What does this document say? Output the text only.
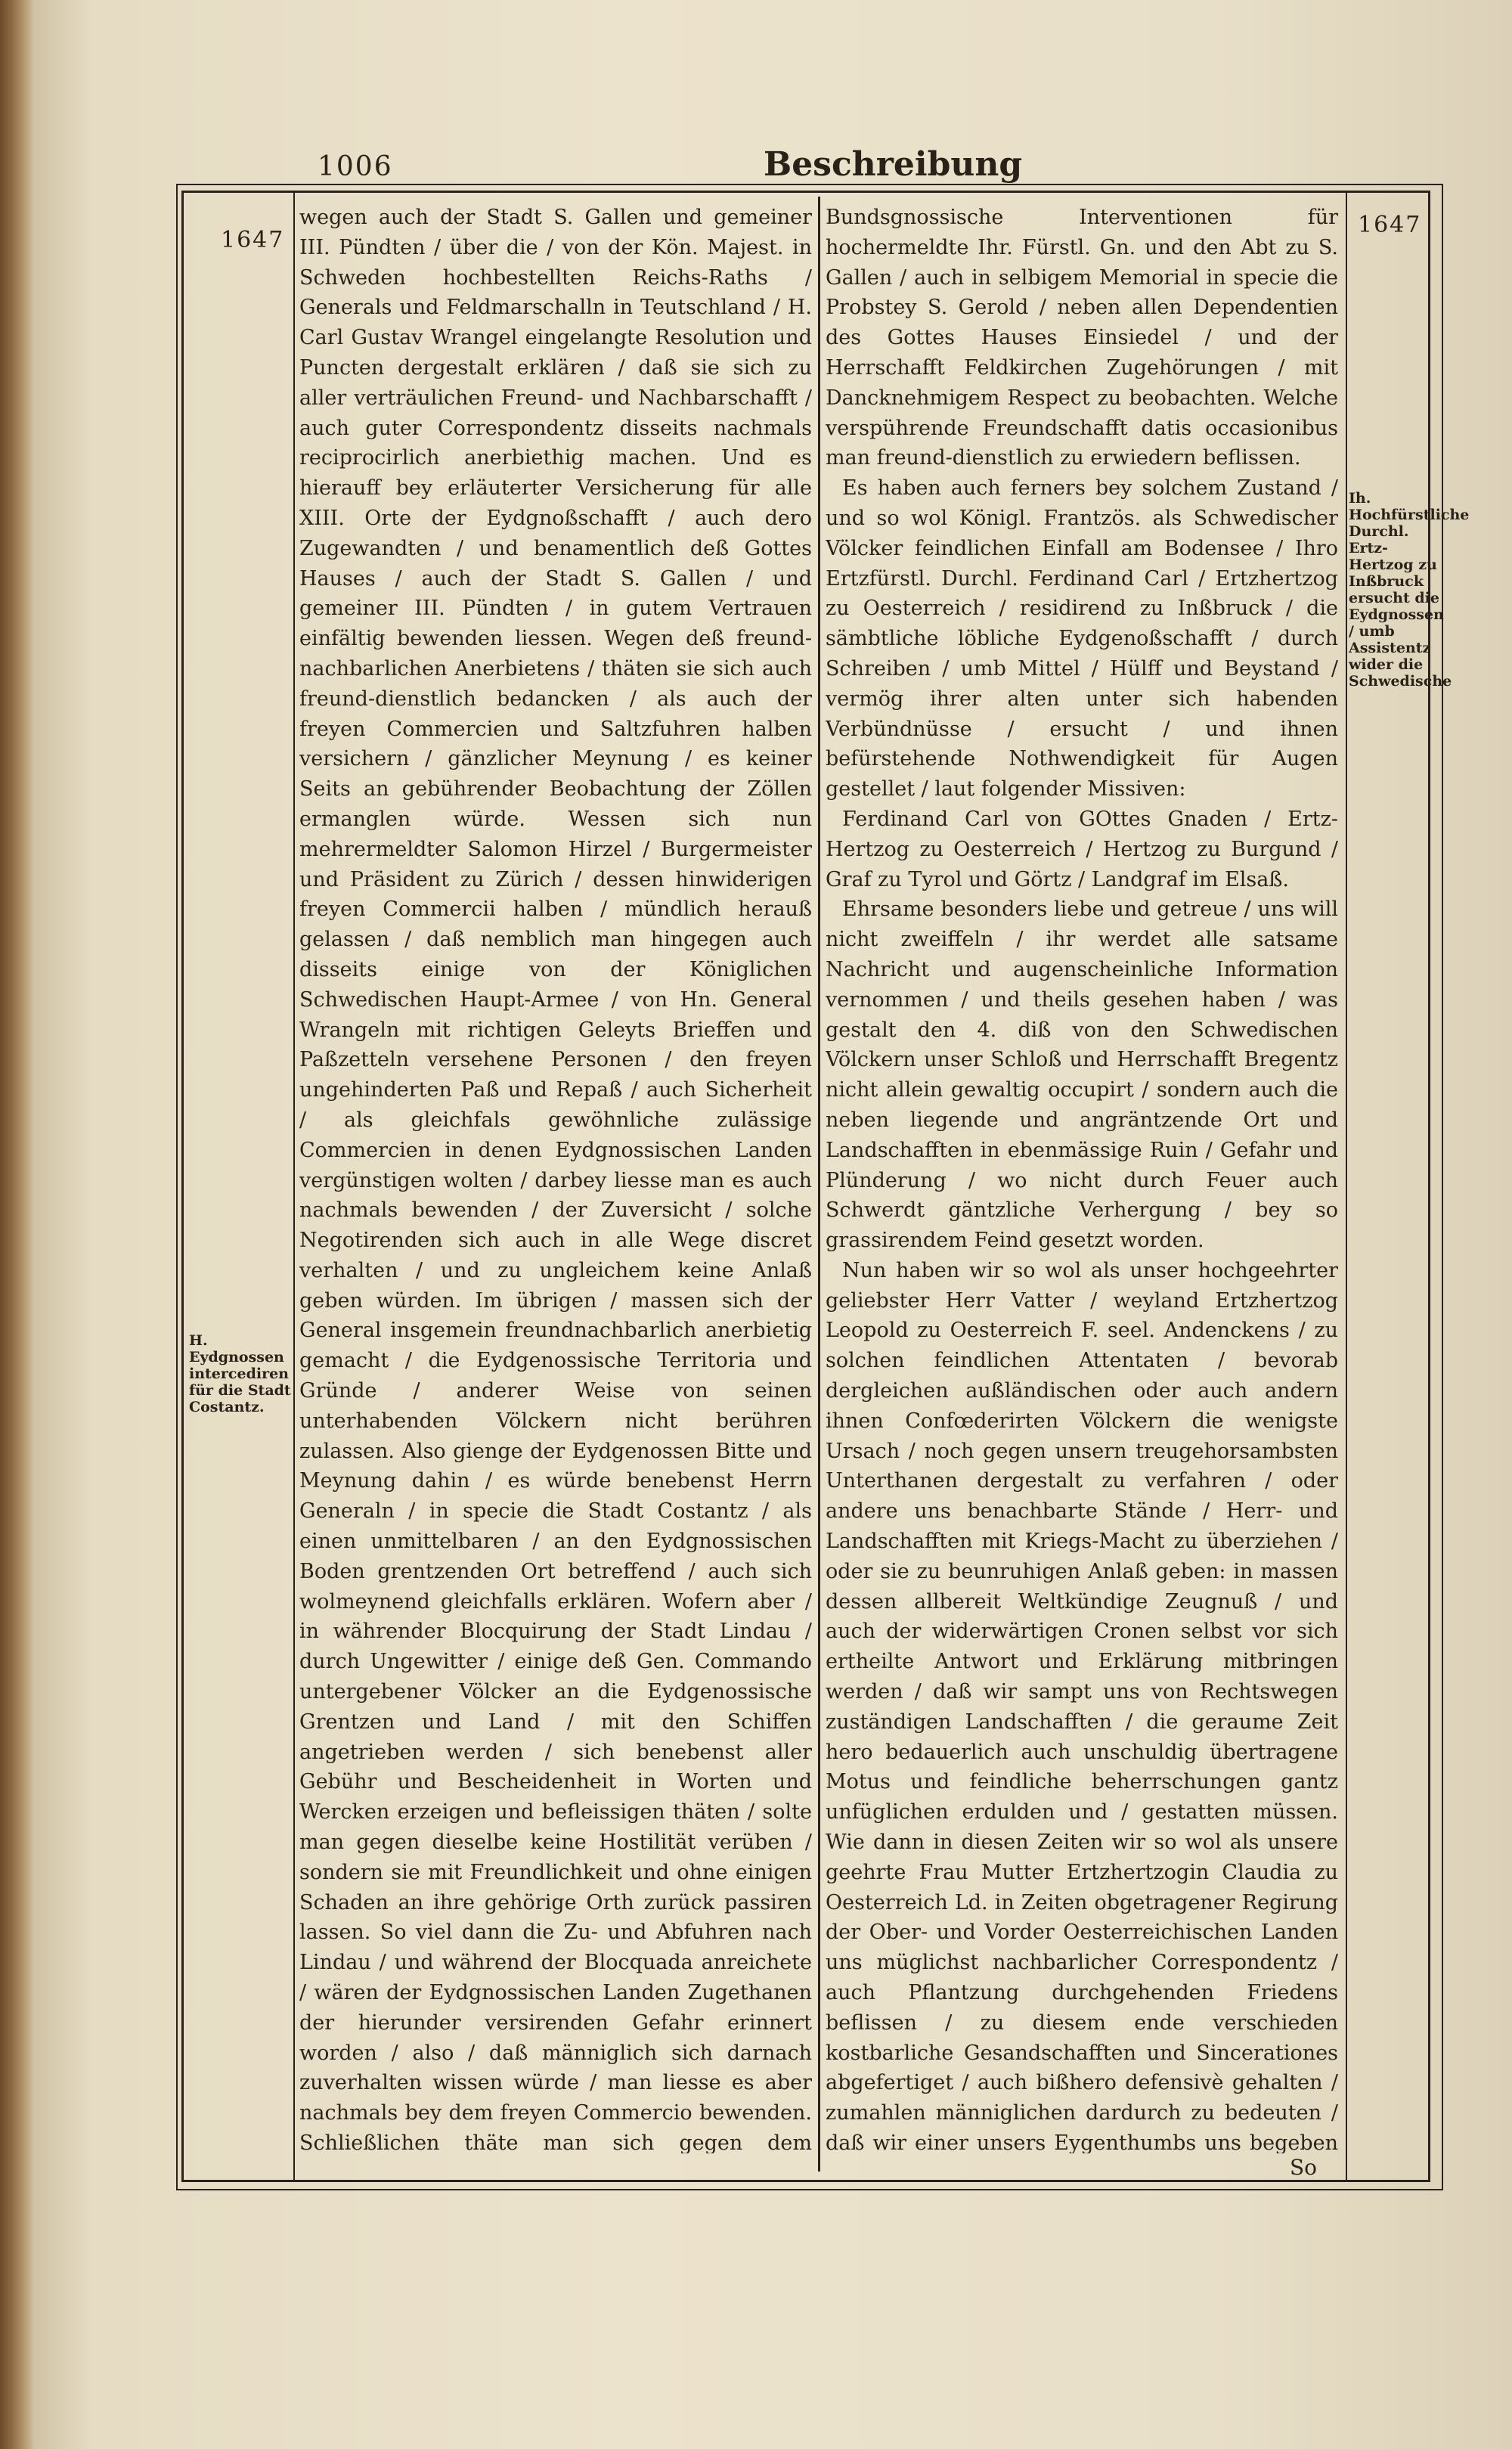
1006	Beschreibung
1647
1647

wegen auch der Stadt S. Gallen und gemeiner III. Pündten / über die / von der Kön. Majest. in Schweden hochbestellten Reichs-Raths / Generals und Feldmarschalln in Teutschland / H. Carl Gustav Wrangel eingelangte Resolution und Puncten dergestalt erklären / daß sie sich zu aller verträulichen Freund- und Nachbarschafft / auch guter Correspondentz disseits nachmals reciprocirlich anerbiethig machen. Und es hierauff bey erläuterter Versicherung für alle XIII. Orte der Eydgnoßschafft / auch dero Zugewandten / und benamentlich deß Gottes Hauses / auch der Stadt S. Gallen / und gemeiner III. Pündten / in gutem Vertrauen einfältig bewenden liessen. Wegen deß freund-nachbarlichen Anerbietens / thäten sie sich auch freund-dienstlich bedancken / als auch der freyen Commercien und Saltzfuhren halben versichern / gänzlicher Meynung / es keiner Seits an gebührender Beobachtung der Zöllen ermanglen würde. Wessen sich nun mehrermeldter Salomon Hirzel / Burgermeister und Präsident zu Zürich / dessen hinwiderigen freyen Commercii halben / mündlich herauß gelassen / daß nemblich man hingegen auch disseits einige von der Königlichen Schwedischen Haupt-Armee / von Hn. General Wrangeln mit richtigen Geleyts Brieffen und Paßzetteln versehene Personen / den freyen ungehinderten Paß und Repaß / auch Sicherheit / als gleichfals gewöhnliche zulässige Commercien in denen Eydgnossischen Landen vergünstigen wolten / darbey liesse man es auch nachmals bewenden / der Zuversicht / solche Negotirenden sich auch in alle Wege discret verhalten / und zu ungleichem keine Anlaß geben würden. Im übrigen / massen sich der General insgemein freundnachbarlich anerbietig gemacht / die Eydgenossische Territoria und Gründe / anderer Weise von seinen unterhabenden Völckern nicht berühren zulassen. Also gienge der Eydgenossen Bitte und Meynung dahin / es würde benebenst Herrn Generaln / in specie die Stadt Costantz / als einen unmittelbaren / an den Eydgnossischen Boden grentzenden Ort betreffend / auch sich wolmeynend gleichfalls erklären. Wofern aber / in währender Blocquirung der Stadt Lindau / durch Ungewitter / einige deß Gen. Commando untergebener Völcker an die Eydgenossische Grentzen und Land / mit den Schiffen angetrieben werden / sich benebenst aller Gebühr und Bescheidenheit in Worten und Wercken erzeigen und befleissigen thäten / solte man gegen dieselbe keine Hostilität verüben / sondern sie mit Freundlichkeit und ohne einigen Schaden an ihre gehörige Orth zurück passiren lassen. So viel dann die Zu- und Abfuhren nach Lindau / und während der Blocquada anreichete / wären der Eydgnossischen Landen Zugethanen der hierunder versirenden Gefahr erinnert worden / also / daß männiglich sich darnach zuverhalten wissen würde / man liesse es aber nachmals bey dem freyen Commercio bewenden. Schließlichen thäte man sich gegen dem

Bundsgnossische Interventionen für hochermeldte Ihr. Fürstl. Gn. und den Abt zu S. Gallen / auch in selbigem Memorial in specie die Probstey S. Gerold / neben allen Dependentien des Gottes Hauses Einsiedel / und der Herrschafft Feldkirchen Zugehörungen / mit Dancknehmigem Respect zu beobachten. Welche verspührende Freundschafft datis occasionibus man freund-dienstlich zu erwiedern beflissen.

Es haben auch ferners bey solchem Zustand / und so wol Königl. Frantzös. als Schwedischer Völcker feindlichen Einfall am Bodensee / Ihro Ertzfürstl. Durchl. Ferdinand Carl / Ertzhertzog zu Oesterreich / residirend zu Inßbruck / die sämbtliche löbliche Eydgenoßschafft / durch Schreiben / umb Mittel / Hülff und Beystand / vermög ihrer alten unter sich habenden Verbündnüsse / ersucht / und ihnen befürstehende Nothwendigkeit für Augen gestellet / laut folgender Missiven:

Ferdinand Carl von GOttes Gnaden / Ertz-Hertzog zu Oesterreich / Hertzog zu Burgund / Graf zu Tyrol und Görtz / Landgraf im Elsaß.

Ehrsame besonders liebe und getreue / uns will nicht zweiffeln / ihr werdet alle satsame Nachricht und augenscheinliche Information vernommen / und theils gesehen haben / was gestalt den 4. diß von den Schwedischen Völckern unser Schloß und Herrschafft Bregentz nicht allein gewaltig occupirt / sondern auch die neben liegende und angräntzende Ort und Landschafften in ebenmässige Ruin / Gefahr und Plünderung / wo nicht durch Feuer auch Schwerdt gäntzliche Verhergung / bey so grassirendem Feind gesetzt worden.

Nun haben wir so wol als unser hochgeehrter geliebster Herr Vatter / weyland Ertzhertzog Leopold zu Oesterreich F. seel. Andenckens / zu solchen feindlichen Attentaten / bevorab dergleichen außländischen oder auch andern ihnen Confœderirten Völckern die wenigste Ursach / noch gegen unsern treugehorsambsten Unterthanen dergestalt zu verfahren / oder andere uns benachbarte Stände / Herr- und Landschafften mit Kriegs-Macht zu überziehen / oder sie zu beunruhigen Anlaß geben: in massen dessen allbereit Weltkündige Zeugnuß / und auch der widerwärtigen Cronen selbst vor sich ertheilte Antwort und Erklärung mitbringen werden / daß wir sampt uns von Rechtswegen zuständigen Landschafften / die geraume Zeit hero bedauerlich auch unschuldig übertragene Motus und feindliche beherrschungen gantz unfüglichen erdulden und / gestatten müssen. Wie dann in diesen Zeiten wir so wol als unsere geehrte Frau Mutter Ertzhertzogin Claudia zu Oesterreich Ld. in Zeiten obgetragener Regirung der Ober- und Vorder Oesterreichischen Landen uns müglichst nachbarlicher Correspondentz / auch Pflantzung durchgehenden Friedens beflissen / zu diesem ende verschieden kostbarliche Gesandschafften und Sincerationes abgefertiget / auch bißhero defensivè gehalten / zumahlen männiglichen dardurch zu bedeuten / daß wir einer unsers Eygenthumbs uns begeben

H. Eydgnossen intercediren für die Stadt Costantz.
Ih. Hochfürstliche Durchl. Ertz-Hertzog zu Inßbruck ersucht die Eydgnossen / umb Assistentz wider die Schwedische
So
